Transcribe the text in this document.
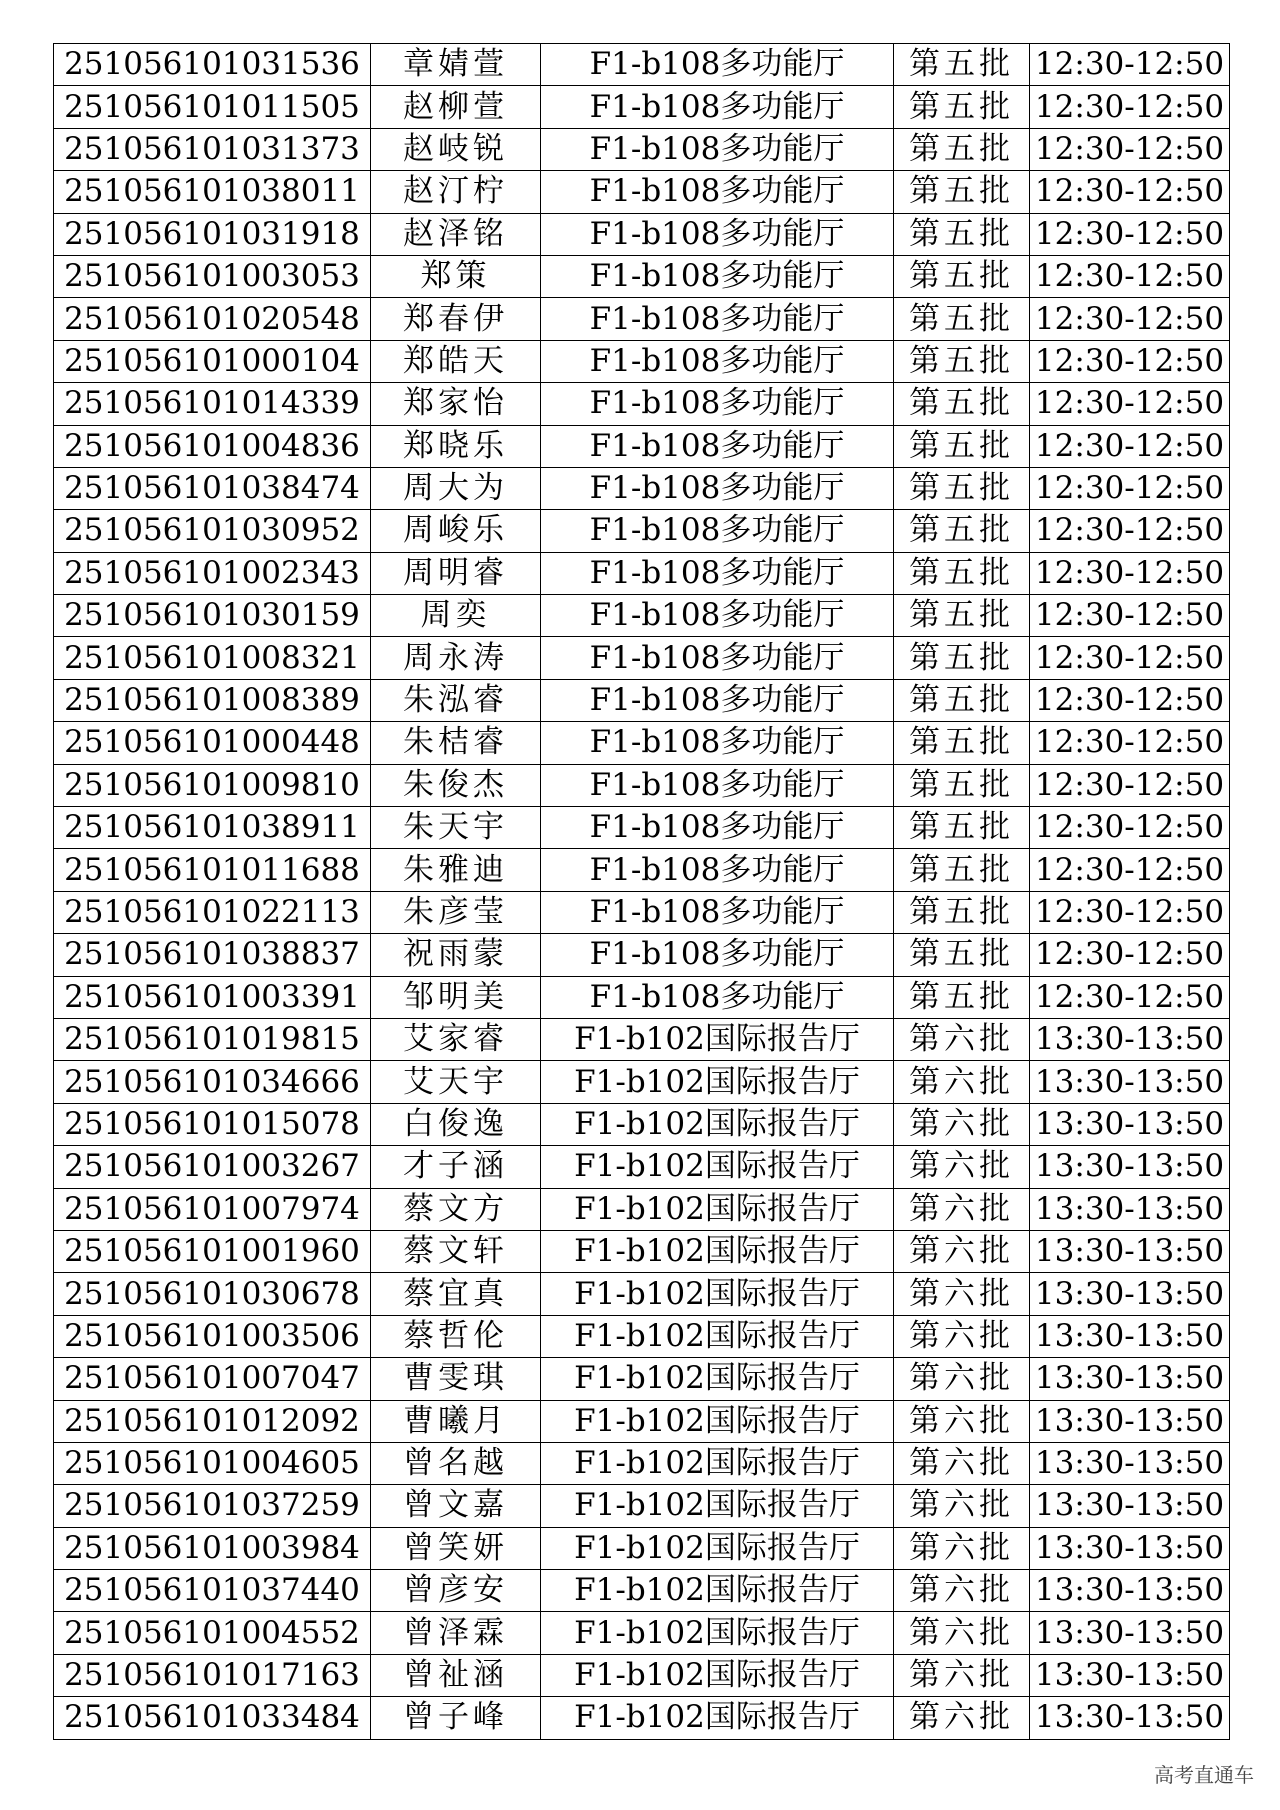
251056101031536	章婧萱	F1-b108多功能厅	第五批	12:30-12:50
251056101011505	赵柳萱	F1-b108多功能厅	第五批	12:30-12:50
251056101031373	赵岐锐	F1-b108多功能厅	第五批	12:30-12:50
251056101038011	赵汀柠	F1-b108多功能厅	第五批	12:30-12:50
251056101031918	赵泽铭	F1-b108多功能厅	第五批	12:30-12:50
251056101003053	郑策	F1-b108多功能厅	第五批	12:30-12:50
251056101020548	郑春伊	F1-b108多功能厅	第五批	12:30-12:50
251056101000104	郑皓天	F1-b108多功能厅	第五批	12:30-12:50
251056101014339	郑家怡	F1-b108多功能厅	第五批	12:30-12:50
251056101004836	郑晓乐	F1-b108多功能厅	第五批	12:30-12:50
251056101038474	周大为	F1-b108多功能厅	第五批	12:30-12:50
251056101030952	周峻乐	F1-b108多功能厅	第五批	12:30-12:50
251056101002343	周明睿	F1-b108多功能厅	第五批	12:30-12:50
251056101030159	周奕	F1-b108多功能厅	第五批	12:30-12:50
251056101008321	周永涛	F1-b108多功能厅	第五批	12:30-12:50
251056101008389	朱泓睿	F1-b108多功能厅	第五批	12:30-12:50
251056101000448	朱桔睿	F1-b108多功能厅	第五批	12:30-12:50
251056101009810	朱俊杰	F1-b108多功能厅	第五批	12:30-12:50
251056101038911	朱天宇	F1-b108多功能厅	第五批	12:30-12:50
251056101011688	朱雅迪	F1-b108多功能厅	第五批	12:30-12:50
251056101022113	朱彦莹	F1-b108多功能厅	第五批	12:30-12:50
251056101038837	祝雨蒙	F1-b108多功能厅	第五批	12:30-12:50
251056101003391	邹明美	F1-b108多功能厅	第五批	12:30-12:50
251056101019815	艾家睿	F1-b102国际报告厅	第六批	13:30-13:50
251056101034666	艾天宇	F1-b102国际报告厅	第六批	13:30-13:50
251056101015078	白俊逸	F1-b102国际报告厅	第六批	13:30-13:50
251056101003267	才子涵	F1-b102国际报告厅	第六批	13:30-13:50
251056101007974	蔡文方	F1-b102国际报告厅	第六批	13:30-13:50
251056101001960	蔡文轩	F1-b102国际报告厅	第六批	13:30-13:50
251056101030678	蔡宜真	F1-b102国际报告厅	第六批	13:30-13:50
251056101003506	蔡哲伦	F1-b102国际报告厅	第六批	13:30-13:50
251056101007047	曹雯琪	F1-b102国际报告厅	第六批	13:30-13:50
251056101012092	曹曦月	F1-b102国际报告厅	第六批	13:30-13:50
251056101004605	曾名越	F1-b102国际报告厅	第六批	13:30-13:50
251056101037259	曾文嘉	F1-b102国际报告厅	第六批	13:30-13:50
251056101003984	曾笑妍	F1-b102国际报告厅	第六批	13:30-13:50
251056101037440	曾彦安	F1-b102国际报告厅	第六批	13:30-13:50
251056101004552	曾泽霖	F1-b102国际报告厅	第六批	13:30-13:50
251056101017163	曾祉涵	F1-b102国际报告厅	第六批	13:30-13:50
251056101033484	曾子峰	F1-b102国际报告厅	第六批	13:30-13:50
高考直通车
